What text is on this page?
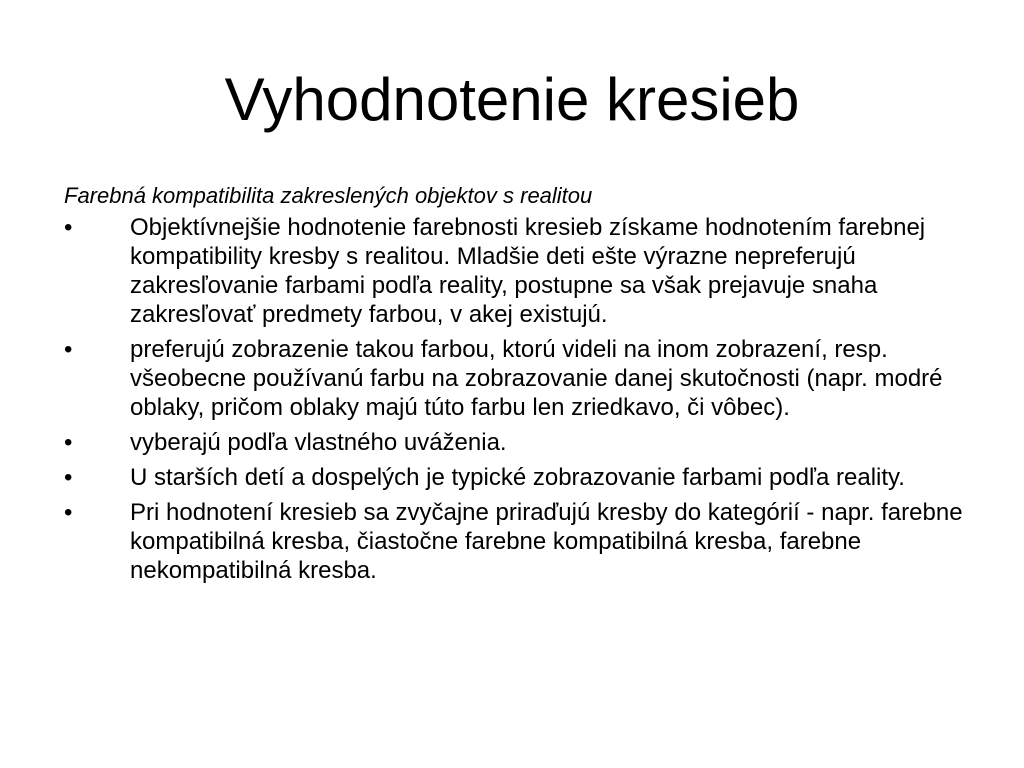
Vyhodnotenie kresieb

Farebná kompatibilita zakreslených objektov s realitou

•	Objektívnejšie hodnotenie farebnosti kresieb získame hodnotením farebnej kompatibility kresby s realitou. Mladšie deti ešte výrazne nepreferujú zakresľovanie farbami podľa reality, postupne sa však prejavuje snaha zakresľovať predmety farbou, v akej existujú.
•	preferujú zobrazenie takou farbou, ktorú videli na inom zobrazení, resp. všeobecne používanú farbu na zobrazovanie danej skutočnosti (napr. modré oblaky, pričom oblaky majú túto farbu len zriedkavo, či vôbec).
•	vyberajú podľa vlastného uváženia.
•	U starších detí a dospelých je typické zobrazovanie farbami podľa reality.
•	Pri hodnotení kresieb sa zvyčajne priraďujú kresby do kategórií - napr. farebne kompatibilná kresba, čiastočne farebne kompatibilná kresba, farebne nekompatibilná kresba.
